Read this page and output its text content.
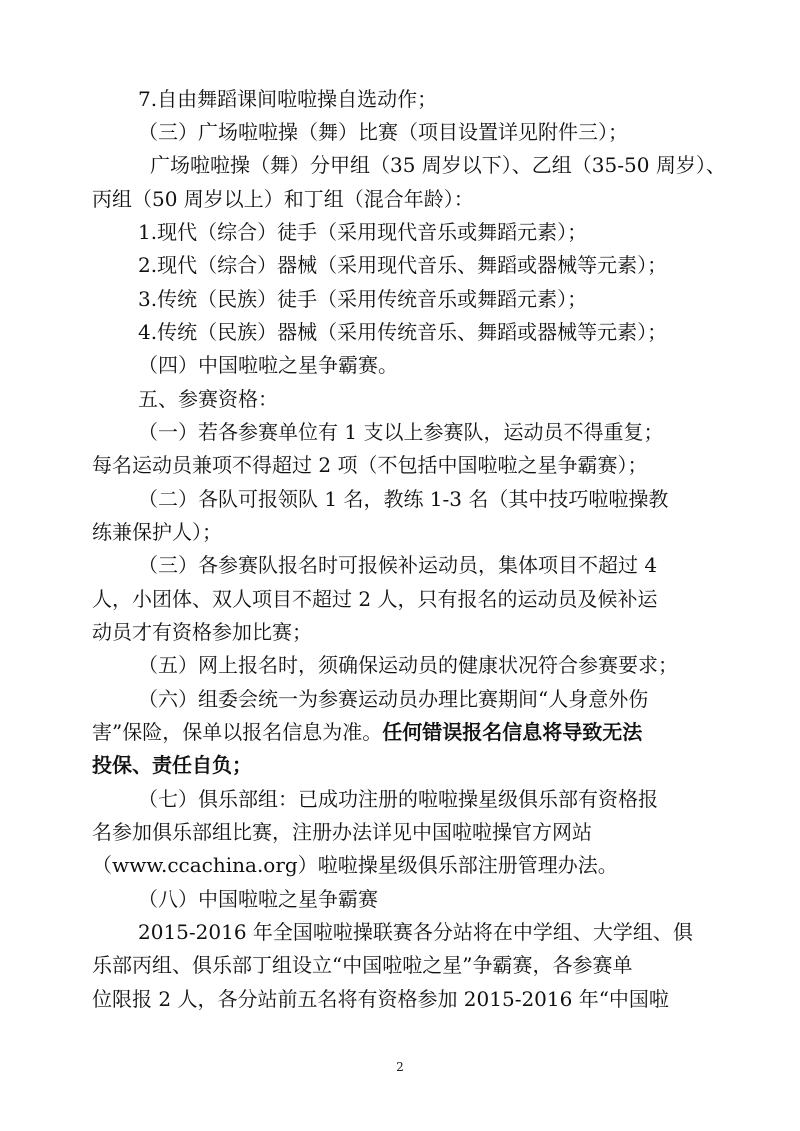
7.自由舞蹈课间啦啦操自选动作；
（三）广场啦啦操（舞）比赛（项目设置详见附件三）；
广场啦啦操（舞）分甲组（35 周岁以下）、乙组（35-50 周岁）、
丙组（50 周岁以上）和丁组（混合年龄）：
1.现代（综合）徒手（采用现代音乐或舞蹈元素）；
2.现代（综合）器械（采用现代音乐、舞蹈或器械等元素）；
3.传统（民族）徒手（采用传统音乐或舞蹈元素）；
4.传统（民族）器械（采用传统音乐、舞蹈或器械等元素）；
（四）中国啦啦之星争霸赛。
五、参赛资格：
（一）若各参赛单位有 1 支以上参赛队，运动员不得重复；
每名运动员兼项不得超过 2 项（不包括中国啦啦之星争霸赛）；
（二）各队可报领队 1 名，教练 1-3 名（其中技巧啦啦操教
练兼保护人）；
（三）各参赛队报名时可报候补运动员，集体项目不超过 4
人，小团体、双人项目不超过 2 人，只有报名的运动员及候补运
动员才有资格参加比赛；
（五）网上报名时，须确保运动员的健康状况符合参赛要求；
（六）组委会统一为参赛运动员办理比赛期间“人身意外伤
害”保险，保单以报名信息为准。任何错误报名信息将导致无法
投保、责任自负；
（七）俱乐部组：已成功注册的啦啦操星级俱乐部有资格报
名参加俱乐部组比赛，注册办法详见中国啦啦操官方网站
（www.ccachina.org）啦啦操星级俱乐部注册管理办法。
（八）中国啦啦之星争霸赛
2015-2016 年全国啦啦操联赛各分站将在中学组、大学组、俱
乐部丙组、俱乐部丁组设立“中国啦啦之星”争霸赛，各参赛单
位限报 2 人，各分站前五名将有资格参加 2015-2016 年“中国啦
2
